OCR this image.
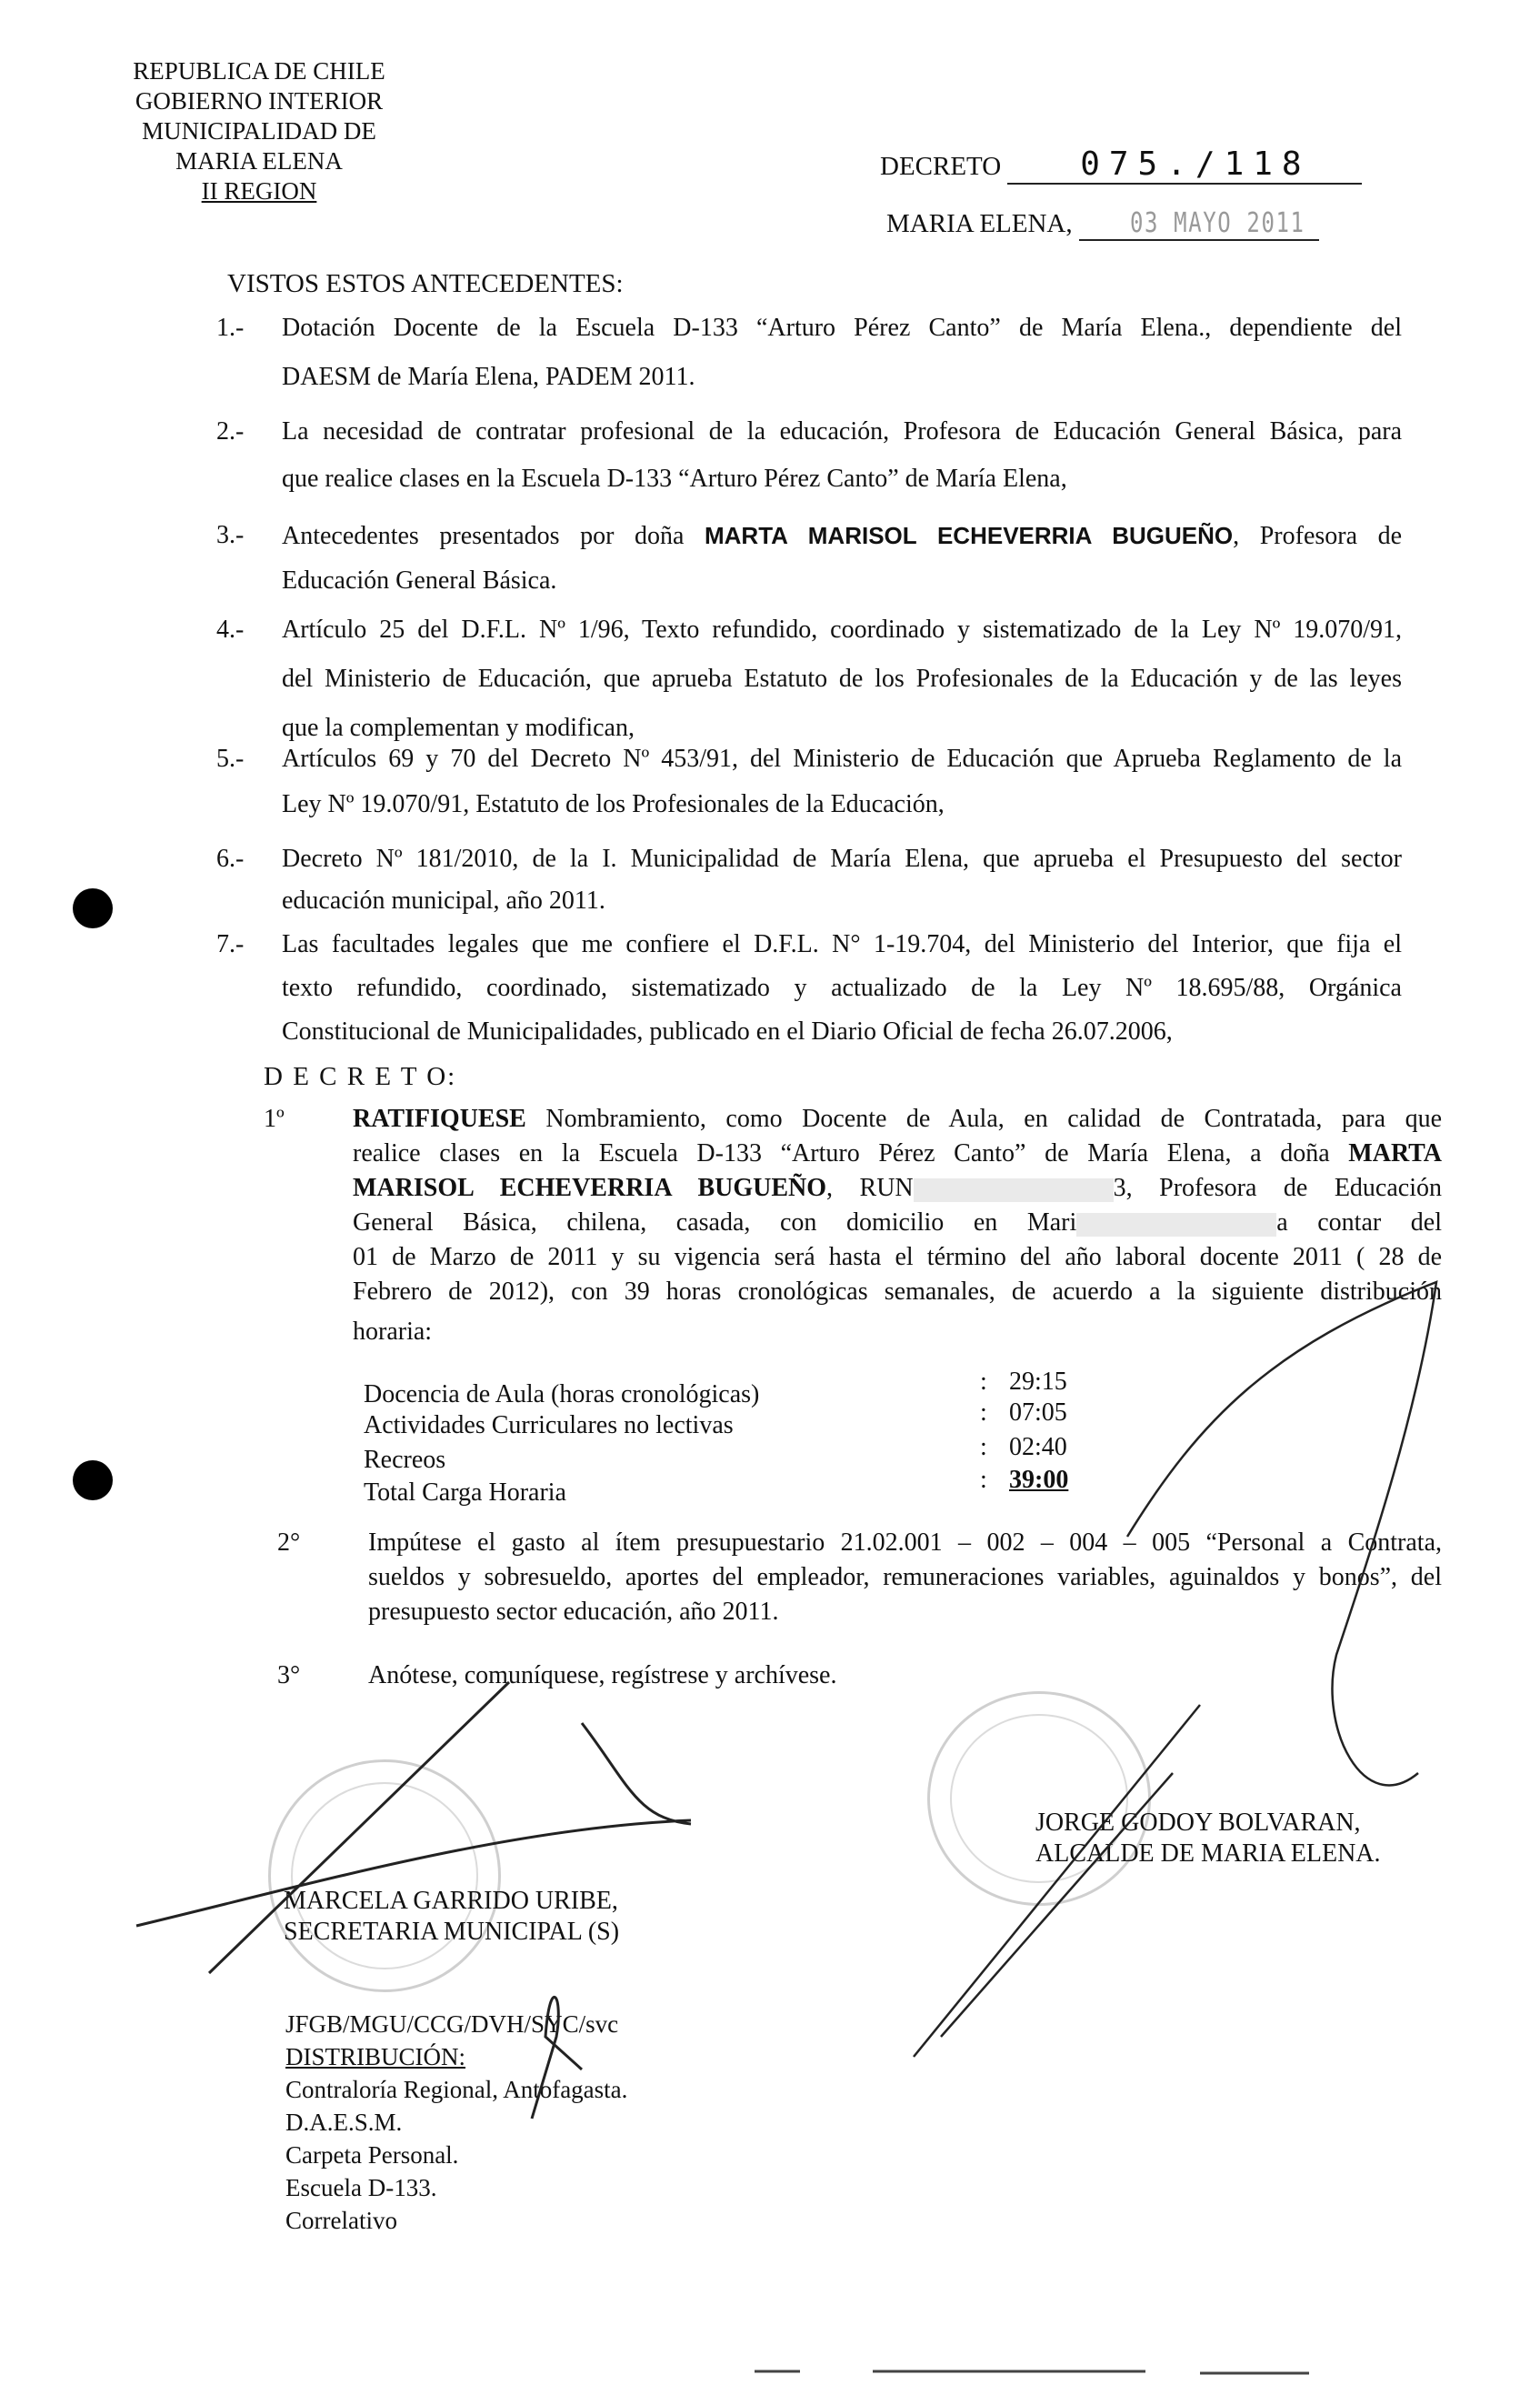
REPUBLICA DE CHILE
GOBIERNO INTERIOR
MUNICIPALIDAD DE
MARIA ELENA
II REGION
DECRETO 075./118
MARIA ELENA, 03 MAYO 2011
VISTOS ESTOS ANTECEDENTES:
1.- Dotación Docente de la Escuela D-133 “Arturo Pérez Canto” de María Elena., dependiente del
DAESM de María Elena, PADEM 2011.
2.- La necesidad de contratar profesional de la educación, Profesora de Educación General Básica, para
que realice clases en la Escuela D-133 “Arturo Pérez Canto” de María Elena,
3.- Antecedentes presentados por doña MARTA MARISOL ECHEVERRIA BUGUEÑO, Profesora de
Educación General Básica.
4.- Artículo 25 del D.F.L. Nº 1/96, Texto refundido, coordinado y sistematizado de la Ley Nº 19.070/91,
del Ministerio de Educación, que aprueba Estatuto de los Profesionales de la Educación y de las leyes
que la complementan y modifican,
5.- Artículos 69 y 70 del Decreto Nº 453/91, del Ministerio de Educación que Aprueba Reglamento de la
Ley Nº 19.070/91, Estatuto de los Profesionales de la Educación,
6.- Decreto Nº 181/2010, de la I. Municipalidad de María Elena, que aprueba el Presupuesto del sector
educación municipal, año 2011.
7.- Las facultades legales que me confiere el D.F.L. N° 1-19.704, del Ministerio del Interior, que fija el
texto refundido, coordinado, sistematizado y actualizado de la Ley Nº 18.695/88, Orgánica
Constitucional de Municipalidades, publicado en el Diario Oficial de fecha 26.07.2006,
D E C R E T O:
1º	RATIFIQUESE Nombramiento, como Docente de Aula, en calidad de Contratada, para que
realice clases en la Escuela D-133 “Arturo Pérez Canto” de María Elena, a doña MARTA
MARISOL ECHEVERRIA BUGUEÑO, RUN	3, Profesora de Educación
General Básica, chilena, casada, con domicilio en Mari	a contar del
01 de Marzo de 2011 y su vigencia será hasta el término del año laboral docente 2011 ( 28 de
Febrero de 2012), con 39 horas cronológicas semanales, de acuerdo a la siguiente distribución
horaria:
2°	Impútese el gasto al ítem presupuestario 21.02.001 – 002 – 004 – 005 “Personal a Contrata,
sueldos y sobresueldo, aportes del empleador, remuneraciones variables, aguinaldos y bonos”, del
presupuesto sector educación, año 2011.
3°	Anótese, comuníquese, regístrese y archívese.
Docencia de Aula (horas cronológicas)	: 29:15
Actividades Curriculares no lectivas	: 07:05
Recreos	: 02:40
Total Carga Horaria	: 39:00
MARCELA GARRIDO URIBE,
SECRETARIA MUNICIPAL (S)
JORGE GODOY BOLVARAN,
ALCALDE DE MARIA ELENA.
JFGB/MGU/CCG/DVH/SYC/svc
DISTRIBUCIÓN:
Contraloría Regional, Antofagasta.
D.A.E.S.M.
Carpeta Personal.
Escuela D-133.
Correlativo
